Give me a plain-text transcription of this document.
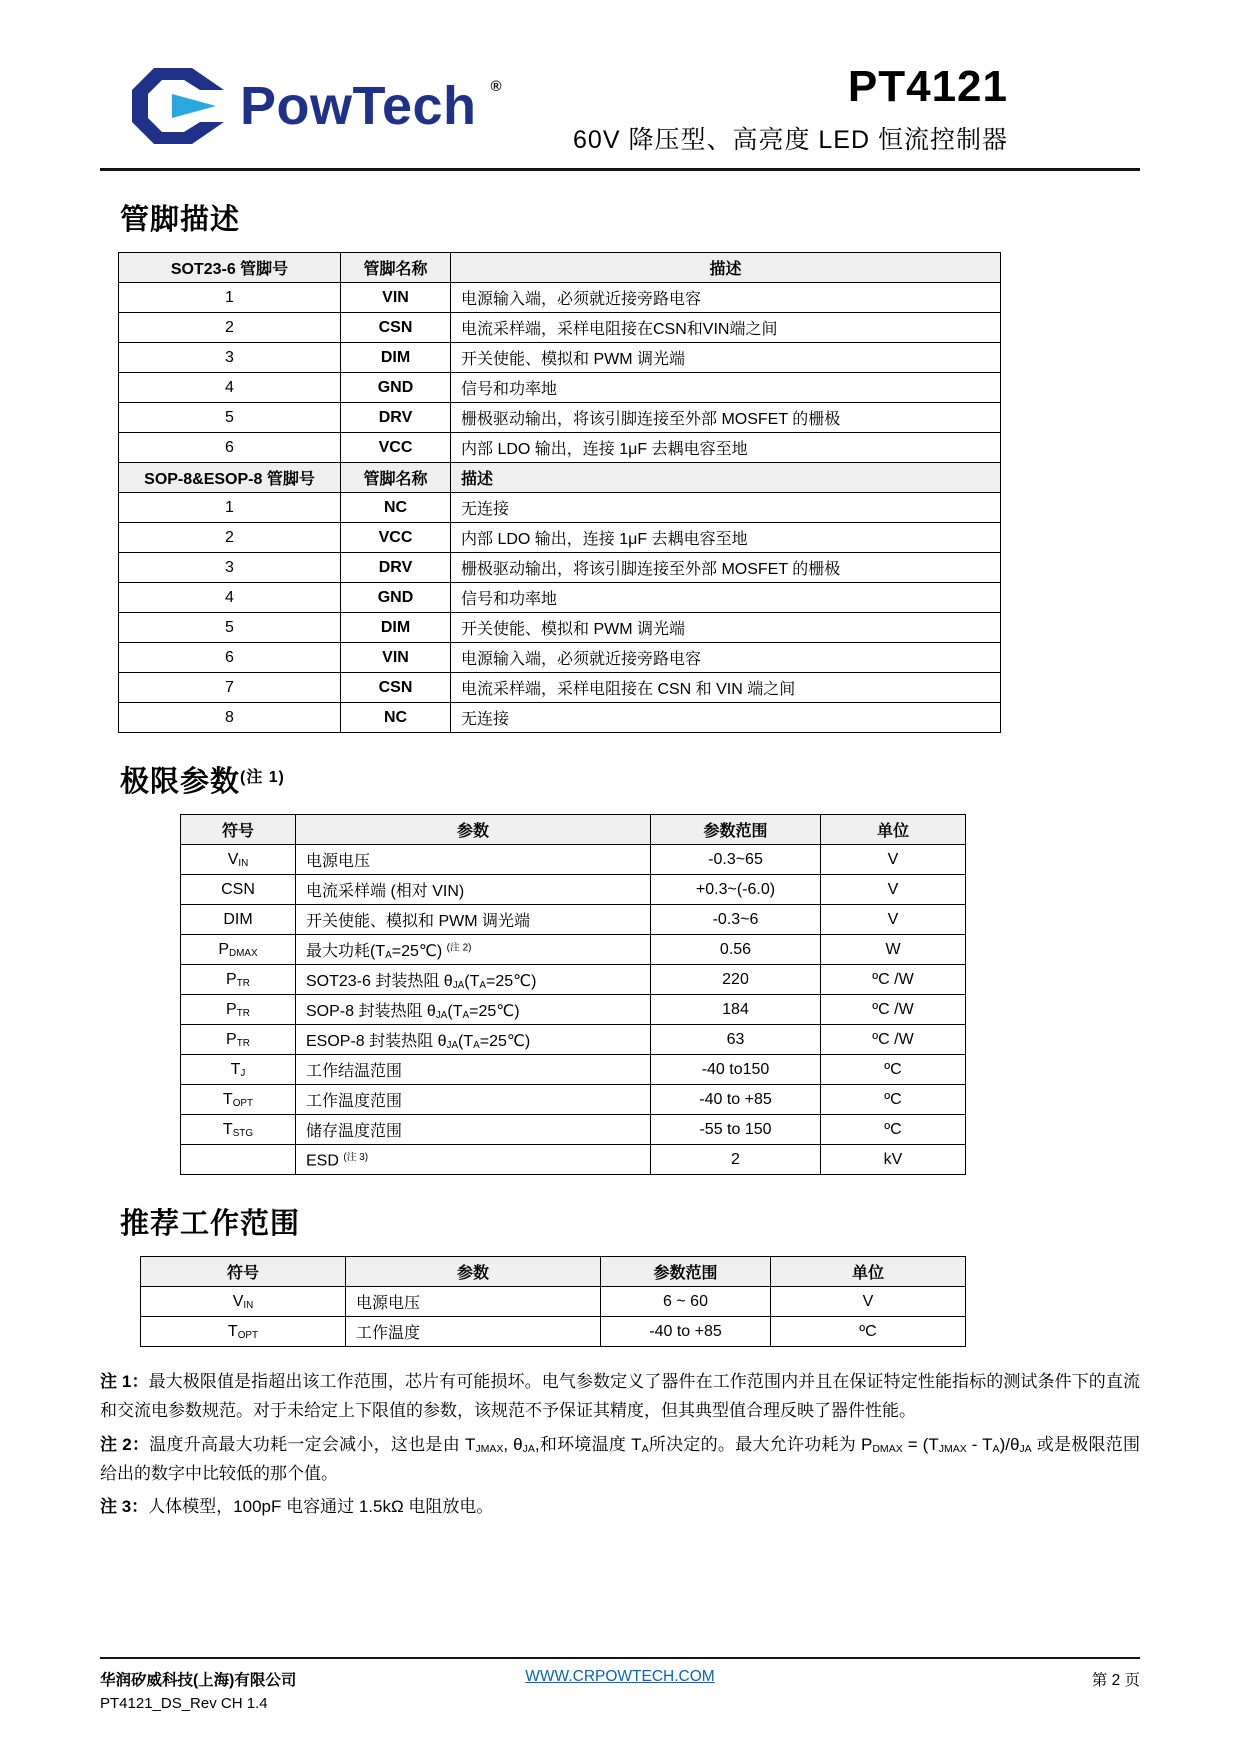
PowTech ®	PT4121
60V 降压型、高亮度 LED 恒流控制器
管脚描述
SOT23-6 管脚号	管脚名称	描述
1	VIN	电源输入端，必须就近接旁路电容
2	CSN	电流采样端，采样电阻接在CSN和VIN端之间
3	DIM	开关使能、模拟和 PWM 调光端
4	GND	信号和功率地
5	DRV	栅极驱动输出，将该引脚连接至外部 MOSFET 的栅极
6	VCC	内部 LDO 输出，连接 1μF 去耦电容至地
SOP-8&ESOP-8 管脚号	管脚名称	描述
1	NC	无连接
2	VCC	内部 LDO 输出，连接 1μF 去耦电容至地
3	DRV	栅极驱动输出，将该引脚连接至外部 MOSFET 的栅极
4	GND	信号和功率地
5	DIM	开关使能、模拟和 PWM 调光端
6	VIN	电源输入端，必须就近接旁路电容
7	CSN	电流采样端，采样电阻接在 CSN 和 VIN 端之间
8	NC	无连接
极限参数$^{(注 1)}$
符号	参数	参数范围	单位
VIN	电源电压	-0.3~65	V
CSN	电流采样端 (相对 VIN)	+0.3~(-6.0)	V
DIM	开关使能、模拟和 PWM 调光端	-0.3~6	V
PDMAX	最大功耗(TA=25℃) $^{(注 2)}$	0.56	W
PTR	SOT23-6 封装热阻 θJA(TA=25℃)	220	ºC /W
PTR	SOP-8 封装热阻 θJA(TA=25℃)	184	ºC /W
PTR	ESOP-8 封装热阻 θJA(TA=25℃)	63	ºC /W
TJ	工作结温范围	-40 to150	ºC
TOPT	工作温度范围	-40 to +85	ºC
TSTG	储存温度范围	-55 to 150	ºC
	ESD $^{(注 3)}$	2	kV
推荐工作范围
符号	参数	参数范围	单位
VIN	电源电压	6 ~ 60	V
TOPT	工作温度	-40 to +85	ºC
注 1：最大极限值是指超出该工作范围，芯片有可能损坏。电气参数定义了器件在工作范围内并且在保证特定性能指标的测试条件下的直流和交流电参数规范。对于未给定上下限值的参数，该规范不予保证其精度，但其典型值合理反映了器件性能。
注 2：温度升高最大功耗一定会减小，这也是由 TJMAX, θJA,和环境温度 TA所决定的。最大允许功耗为 PDMAX = (TJMAX - TA)/θJA 或是极限范围给出的数字中比较低的那个值。
注 3：人体模型，100pF 电容通过 1.5kΩ 电阻放电。
华润矽威科技(上海)有限公司
PT4121_DS_Rev CH 1.4
WWW.CRPOWTECH.COM	第 2 页
